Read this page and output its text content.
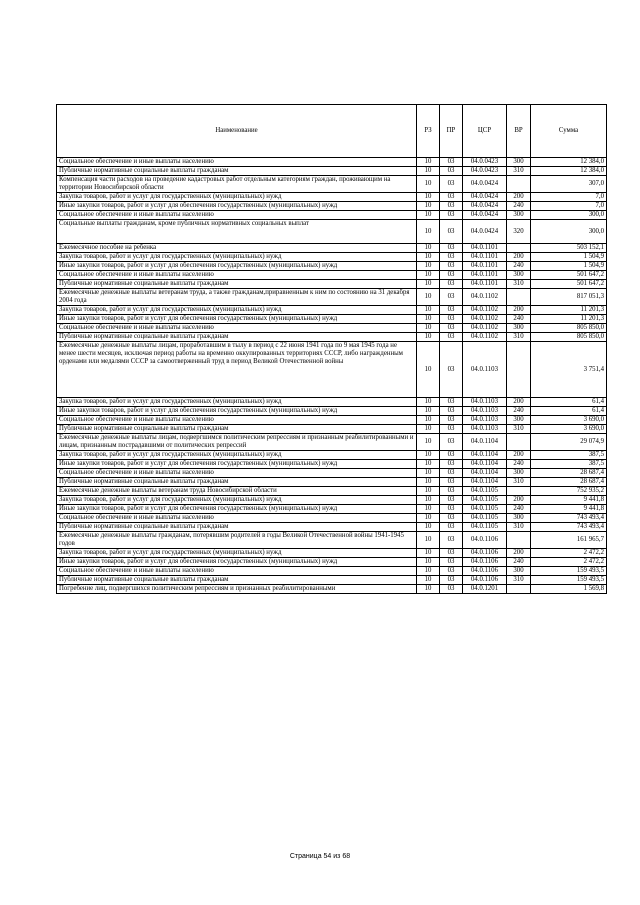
Наименование	РЗ	ПР	ЦСР	ВР	Сумма
Социальное обеспечение и иные выплаты населению	10	03	04.0.0423	300	12 384,0
Публичные нормативные социальные выплаты гражданам	10	03	04.0.0423	310	12 384,0
Компенсация части расходов на проведение кадастровых работ отдельным категориям граждан, проживающим на территории Новосибирской области	10	03	04.0.0424		307,0
Закупка товаров, работ и услуг для государственных (муниципальных) нужд	10	03	04.0.0424	200	7,0
Иные закупки товаров, работ и услуг для обеспечения государственных (муниципальных) нужд	10	03	04.0.0424	240	7,0
Социальное обеспечение и иные выплаты населению	10	03	04.0.0424	300	300,0
Социальные выплаты гражданам, кроме публичных нормативных социальных выплат	10	03	04.0.0424	320	300,0
Ежемесячное пособие на ребенка	10	03	04.0.1101		503 152,1
Закупка товаров, работ и услуг для государственных (муниципальных) нужд	10	03	04.0.1101	200	1 504,9
Иные закупки товаров, работ и услуг для обеспечения государственных (муниципальных) нужд	10	03	04.0.1101	240	1 504,9
Социальное обеспечение и иные выплаты населению	10	03	04.0.1101	300	501 647,2
Публичные нормативные социальные выплаты гражданам	10	03	04.0.1101	310	501 647,2
Ежемесячные денежные выплаты ветеранам труда, а также гражданам,приравненным к ним по состоянию на 31 декабря 2004 года	10	03	04.0.1102		817 051,3
Закупка товаров, работ и услуг для государственных (муниципальных) нужд	10	03	04.0.1102	200	11 201,3
Иные закупки товаров, работ и услуг для обеспечения государственных (муниципальных) нужд	10	03	04.0.1102	240	11 201,3
Социальное обеспечение и иные выплаты населению	10	03	04.0.1102	300	805 850,0
Публичные нормативные социальные выплаты гражданам	10	03	04.0.1102	310	805 850,0
Ежемесячные денежные выплаты лицам, проработавшим в тылу в период с 22 июня 1941 года по 9 мая 1945 года не менее шести месяцев, исключая период работы на временно оккупированных территориях СССР, либо награжденным орденами или медалями СССР за самоотверженный труд в период Великой Отечественной войны	10	03	04.0.1103		3 751,4
Закупка товаров, работ и услуг для государственных (муниципальных) нужд	10	03	04.0.1103	200	61,4
Иные закупки товаров, работ и услуг для обеспечения государственных (муниципальных) нужд	10	03	04.0.1103	240	61,4
Социальное обеспечение и иные выплаты населению	10	03	04.0.1103	300	3 690,0
Публичные нормативные социальные выплаты гражданам	10	03	04.0.1103	310	3 690,0
Ежемесячные денежные выплаты лицам, подвергшимся политическим репрессиям и признанным реабилитированными и лицам, признанным пострадавшими от политических репрессий	10	03	04.0.1104		29 074,9
Закупка товаров, работ и услуг для государственных (муниципальных) нужд	10	03	04.0.1104	200	387,5
Иные закупки товаров, работ и услуг для обеспечения государственных (муниципальных) нужд	10	03	04.0.1104	240	387,5
Социальное обеспечение и иные выплаты населению	10	03	04.0.1104	300	28 687,4
Публичные нормативные социальные выплаты гражданам	10	03	04.0.1104	310	28 687,4
Ежемесячные денежные выплаты ветеранам труда Новосибирской области	10	03	04.0.1105		752 935,2
Закупка товаров, работ и услуг для государственных (муниципальных) нужд	10	03	04.0.1105	200	9 441,8
Иные закупки товаров, работ и услуг для обеспечения государственных (муниципальных) нужд	10	03	04.0.1105	240	9 441,8
Социальное обеспечение и иные выплаты населению	10	03	04.0.1105	300	743 493,4
Публичные нормативные социальные выплаты гражданам	10	03	04.0.1105	310	743 493,4
Ежемесячные денежные выплаты гражданам, потерявшим родителей в годы Великой Отечественной войны 1941-1945 годов	10	03	04.0.1106		161 965,7
Закупка товаров, работ и услуг для государственных (муниципальных) нужд	10	03	04.0.1106	200	2 472,2
Иные закупки товаров, работ и услуг для обеспечения государственных (муниципальных) нужд	10	03	04.0.1106	240	2 472,2
Социальное обеспечение и иные выплаты населению	10	03	04.0.1106	300	159 493,5
Публичные нормативные социальные выплаты гражданам	10	03	04.0.1106	310	159 493,5
Погребение лиц, подвергшихся политическим репрессиям и признанных реабилитированными	10	03	04.0.1201		1 569,8
Страница 54 из 68
